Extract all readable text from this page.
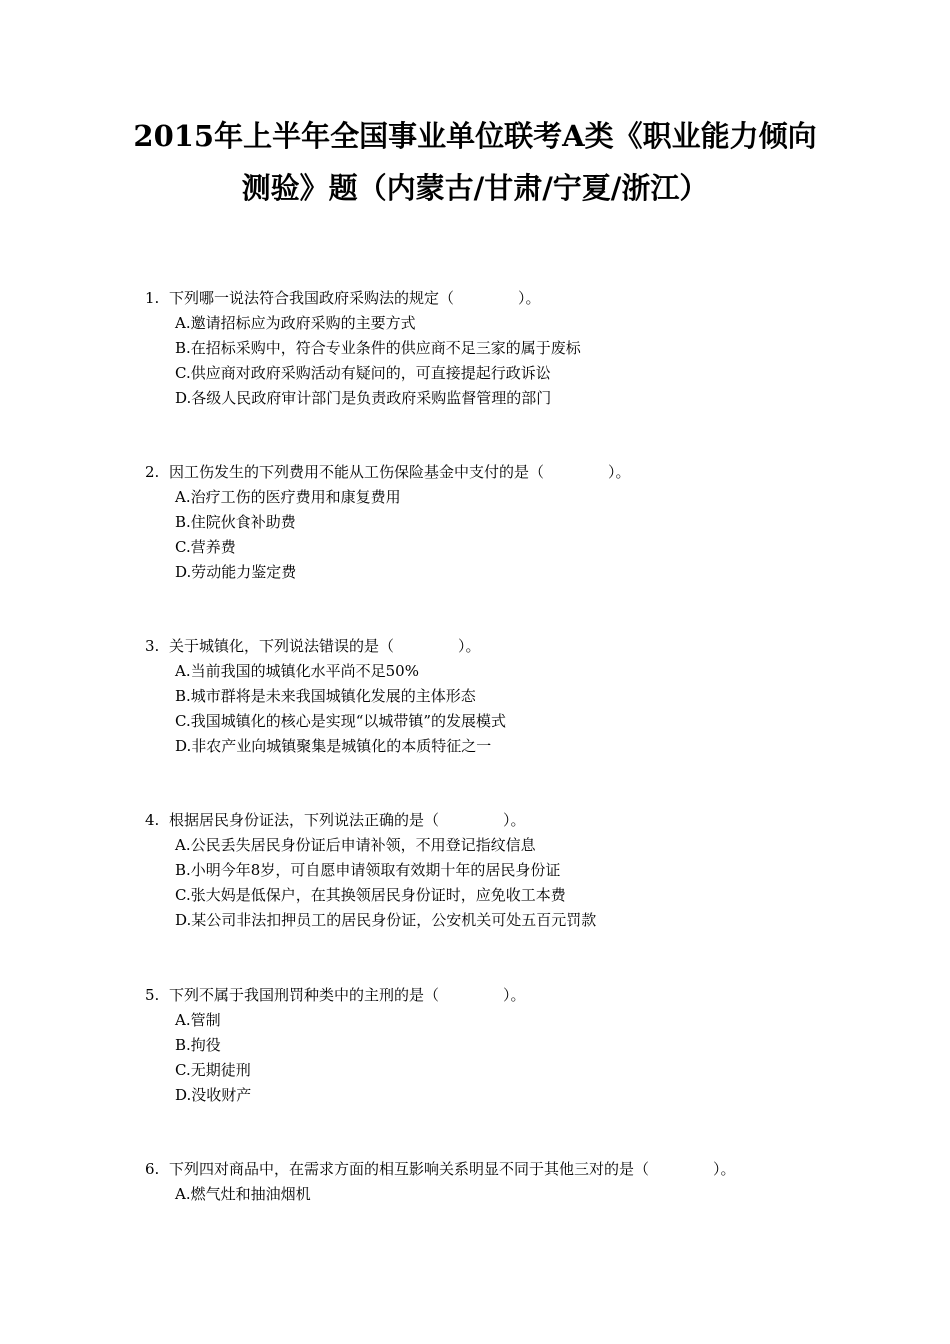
2015年上半年全国事业单位联考A类《职业能力倾向
测验》题（内蒙古/甘肃/宁夏/浙江）
1. 下列哪一说法符合我国政府采购法的规定（	）。
A.邀请招标应为政府采购的主要方式
B.在招标采购中，符合专业条件的供应商不足三家的属于废标
C.供应商对政府采购活动有疑问的，可直接提起行政诉讼
D.各级人民政府审计部门是负责政府采购监督管理的部门
2. 因工伤发生的下列费用不能从工伤保险基金中支付的是（	）。
A.治疗工伤的医疗费用和康复费用
B.住院伙食补助费
C.营养费
D.劳动能力鉴定费
3. 关于城镇化，下列说法错误的是（	）。
A.当前我国的城镇化水平尚不足50%
B.城市群将是未来我国城镇化发展的主体形态
C.我国城镇化的核心是实现“以城带镇”的发展模式
D.非农产业向城镇聚集是城镇化的本质特征之一
4. 根据居民身份证法，下列说法正确的是（	）。
A.公民丢失居民身份证后申请补领，不用登记指纹信息
B.小明今年8岁，可自愿申请领取有效期十年的居民身份证
C.张大妈是低保户，在其换领居民身份证时，应免收工本费
D.某公司非法扣押员工的居民身份证，公安机关可处五百元罚款
5. 下列不属于我国刑罚种类中的主刑的是（	）。
A.管制
B.拘役
C.无期徒刑
D.没收财产
6. 下列四对商品中，在需求方面的相互影响关系明显不同于其他三对的是（	）。
A.燃气灶和抽油烟机
